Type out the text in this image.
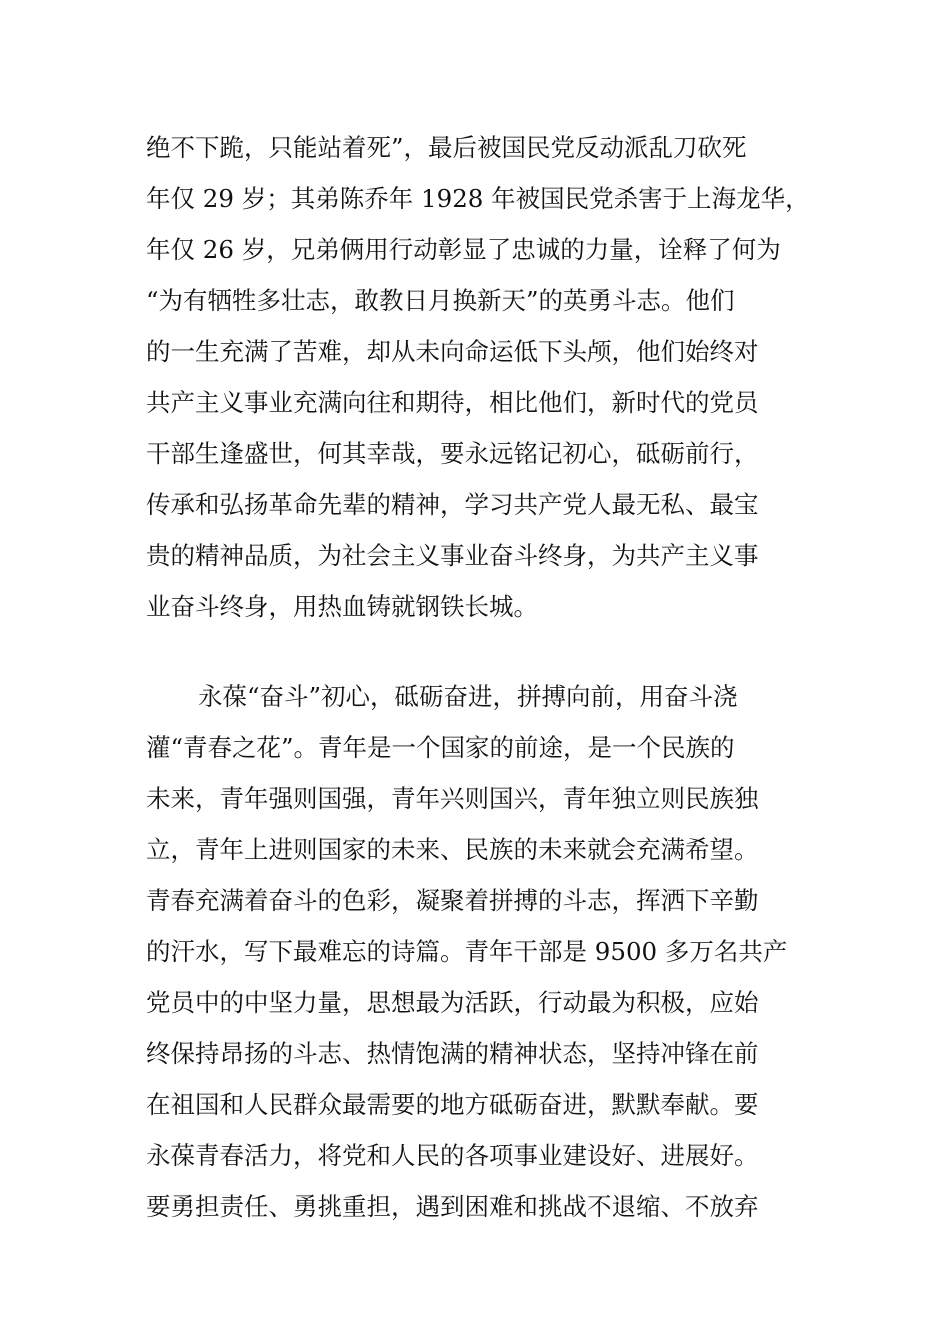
绝不下跪，只能站着死”，最后被国民党反动派乱刀砍死
年仅 29 岁；其弟陈乔年 1928 年被国民党杀害于上海龙华，
年仅 26 岁，兄弟俩用行动彰显了忠诚的力量，诠释了何为
“为有牺牲多壮志，敢教日月换新天”的英勇斗志。他们
的一生充满了苦难，却从未向命运低下头颅，他们始终对
共产主义事业充满向往和期待，相比他们，新时代的党员
干部生逢盛世，何其幸哉，要永远铭记初心，砥砺前行，
传承和弘扬革命先辈的精神，学习共产党人最无私、最宝
贵的精神品质，为社会主义事业奋斗终身，为共产主义事
业奋斗终身，用热血铸就钢铁长城。
永葆“奋斗”初心，砥砺奋进，拼搏向前，用奋斗浇
灌“青春之花”。青年是一个国家的前途，是一个民族的
未来，青年强则国强，青年兴则国兴，青年独立则民族独
立，青年上进则国家的未来、民族的未来就会充满希望。
青春充满着奋斗的色彩，凝聚着拼搏的斗志，挥洒下辛勤
的汗水，写下最难忘的诗篇。青年干部是 9500 多万名共产
党员中的中坚力量，思想最为活跃，行动最为积极，应始
终保持昂扬的斗志、热情饱满的精神状态，坚持冲锋在前
在祖国和人民群众最需要的地方砥砺奋进，默默奉献。要
永葆青春活力，将党和人民的各项事业建设好、进展好。
要勇担责任、勇挑重担，遇到困难和挑战不退缩、不放弃
